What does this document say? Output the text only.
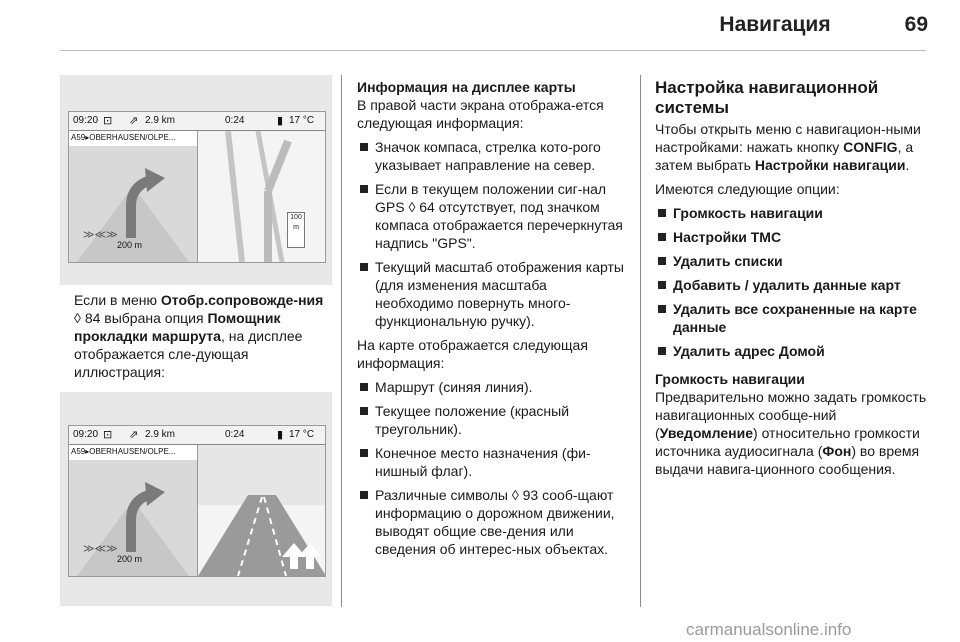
Навигация	69
09:20 ⊡ ⇗ 2.9 km	0:24	▮ 17 °C
A59▸OBERHAUSEN/OLPE...
≫≪≫
200 m
100 m
Если в меню Отобр.сопровожде-ния ◊ 84 выбрана опция Помощник прокладки маршрута, на дисплее отображается сле-дующая иллюстрация:
09:20 ⊡ ⇗ 2.9 km	0:24	▮ 17 °C
A59▸OBERHAUSEN/OLPE...
≫≪≫
200 m

Информация на дисплее карты

В правой части экрана отобража-ется следующая информация:

Значок компаса, стрелка кото-рого указывает направление на север.
Если в текущем положении сиг-нал GPS ◊ 64 отсутствует, под значком компаса отображается перечеркнутая надпись "GPS".
Текущий масштаб отображения карты (для изменения масштаба необходимо повернуть много-функциональную ручку).

На карте отображается следующая информация:

Маршрут (синяя линия).
Текущее положение (красный треугольник).
Конечное место назначения (фи-нишный флаг).
Различные символы ◊ 93 сооб-щают информацию о дорожном движении, выводят общие све-дения или сведения об интерес-ных объектах.

Настройка навигационной системы

Чтобы открыть меню с навигацион-ными настройками: нажать кнопку CONFIG, а затем выбрать Настройки навигации.

Имеются следующие опции:

Громкость навигации
Настройки TMC
Удалить списки
Добавить / удалить данные карт
Удалить все сохраненные на карте данные
Удалить адрес Домой

Громкость навигации

Предварительно можно задать громкость навигационных сообще-ний (Уведомление) относительно громкости источника аудиосигнала (Фон) во время выдачи навига-ционного сообщения.

carmanualsonline.info
